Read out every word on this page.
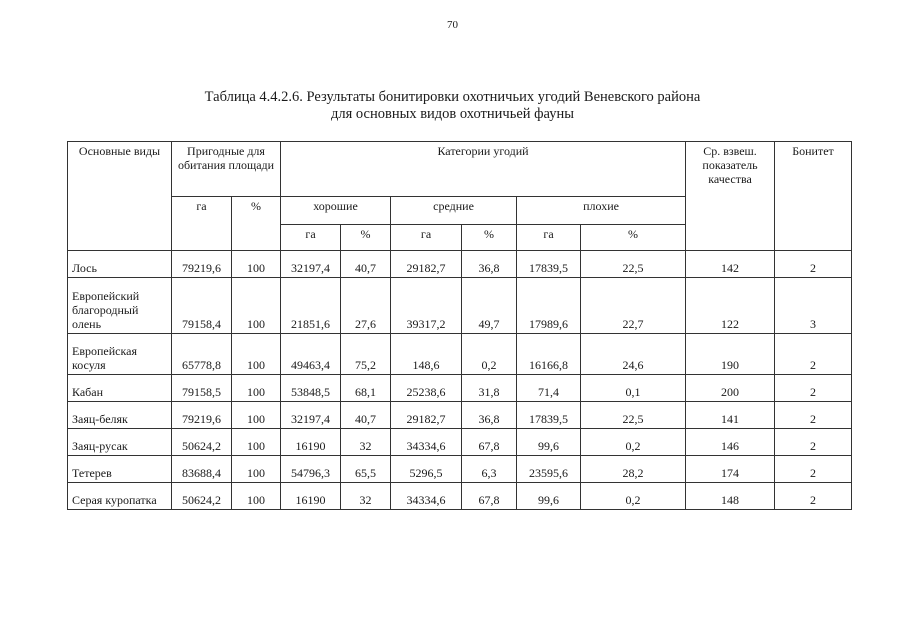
70
Таблица 4.4.2.6. Результаты бонитировки охотничьих угодий Веневского района
для основных видов охотничьей фауны
Основные виды	Пригодные для обитания площади		Категории угодий						Ср. взвеш. показатель качества	Бонитет
	га	%	хорошие		средние		плохие			
			га	%	га	%	га	%		
Лось	79219,6	100	32197,4	40,7	29182,7	36,8	17839,5	22,5	142	2
Европейский благородный олень	79158,4	100	21851,6	27,6	39317,2	49,7	17989,6	22,7	122	3
Европейская косуля	65778,8	100	49463,4	75,2	148,6	0,2	16166,8	24,6	190	2
Кабан	79158,5	100	53848,5	68,1	25238,6	31,8	71,4	0,1	200	2
Заяц-беляк	79219,6	100	32197,4	40,7	29182,7	36,8	17839,5	22,5	141	2
Заяц-русак	50624,2	100	16190	32	34334,6	67,8	99,6	0,2	146	2
Тетерев	83688,4	100	54796,3	65,5	5296,5	6,3	23595,6	28,2	174	2
Серая куропатка	50624,2	100	16190	32	34334,6	67,8	99,6	0,2	148	2
